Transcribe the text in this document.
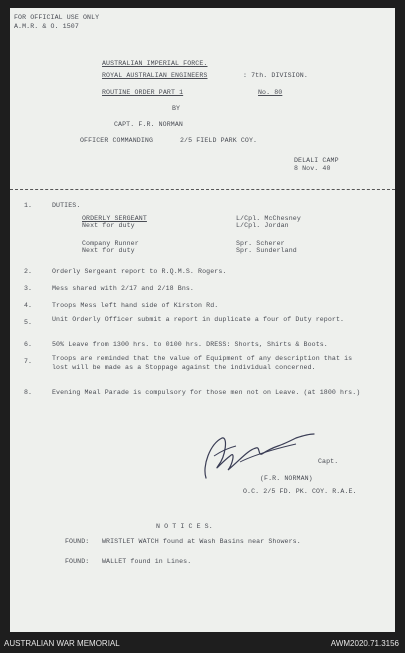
FOR OFFICIAL USE ONLY
A.M.R. & O. 1507
AUSTRALIAN IMPERIAL FORCE.
ROYAL AUSTRALIAN ENGINEERS	: 7th. DIVISION.
ROUTINE ORDER PART 1	No. 80
BY
CAPT. F.R. NORMAN
OFFICER COMMANDING	2/5 FIELD PARK COY.
DELALI CAMP
8 Nov. 40
1.	DUTIES.
ORDERLY SERGEANT	L/Cpl. McChesney
Next for duty	L/Cpl. Jordan
Company Runner	Spr. Scherer
Next for duty	Spr. Sunderland
2.	Orderly Sergeant report to R.Q.M.S. Rogers.
3.	Mess shared with 2/17 and 2/18 Bns.
4.	Troops Mess left hand side of Kirston Rd.
5.	Unit Orderly Officer submit a report in duplicate a four of Duty report.
6.	50% Leave from 1300 hrs. to 0100 hrs. DRESS: Shorts, Shirts & Boots.
7.	Troops are reminded that the value of Equipment of any description that is lost will be made as a Stoppage against the individual concerned.
8.	Evening Meal Parade is compulsory for those men not on Leave. (at 1800 hrs.)
Capt.
(F.R. NORMAN)
O.C. 2/5 FD. PK. COY. R.A.E.
N O T I C E S.
FOUND: WRISTLET WATCH found at Wash Basins near Showers.
FOUND: WALLET found in Lines.
AUSTRALIAN WAR MEMORIAL	AWM2020.71.3156
